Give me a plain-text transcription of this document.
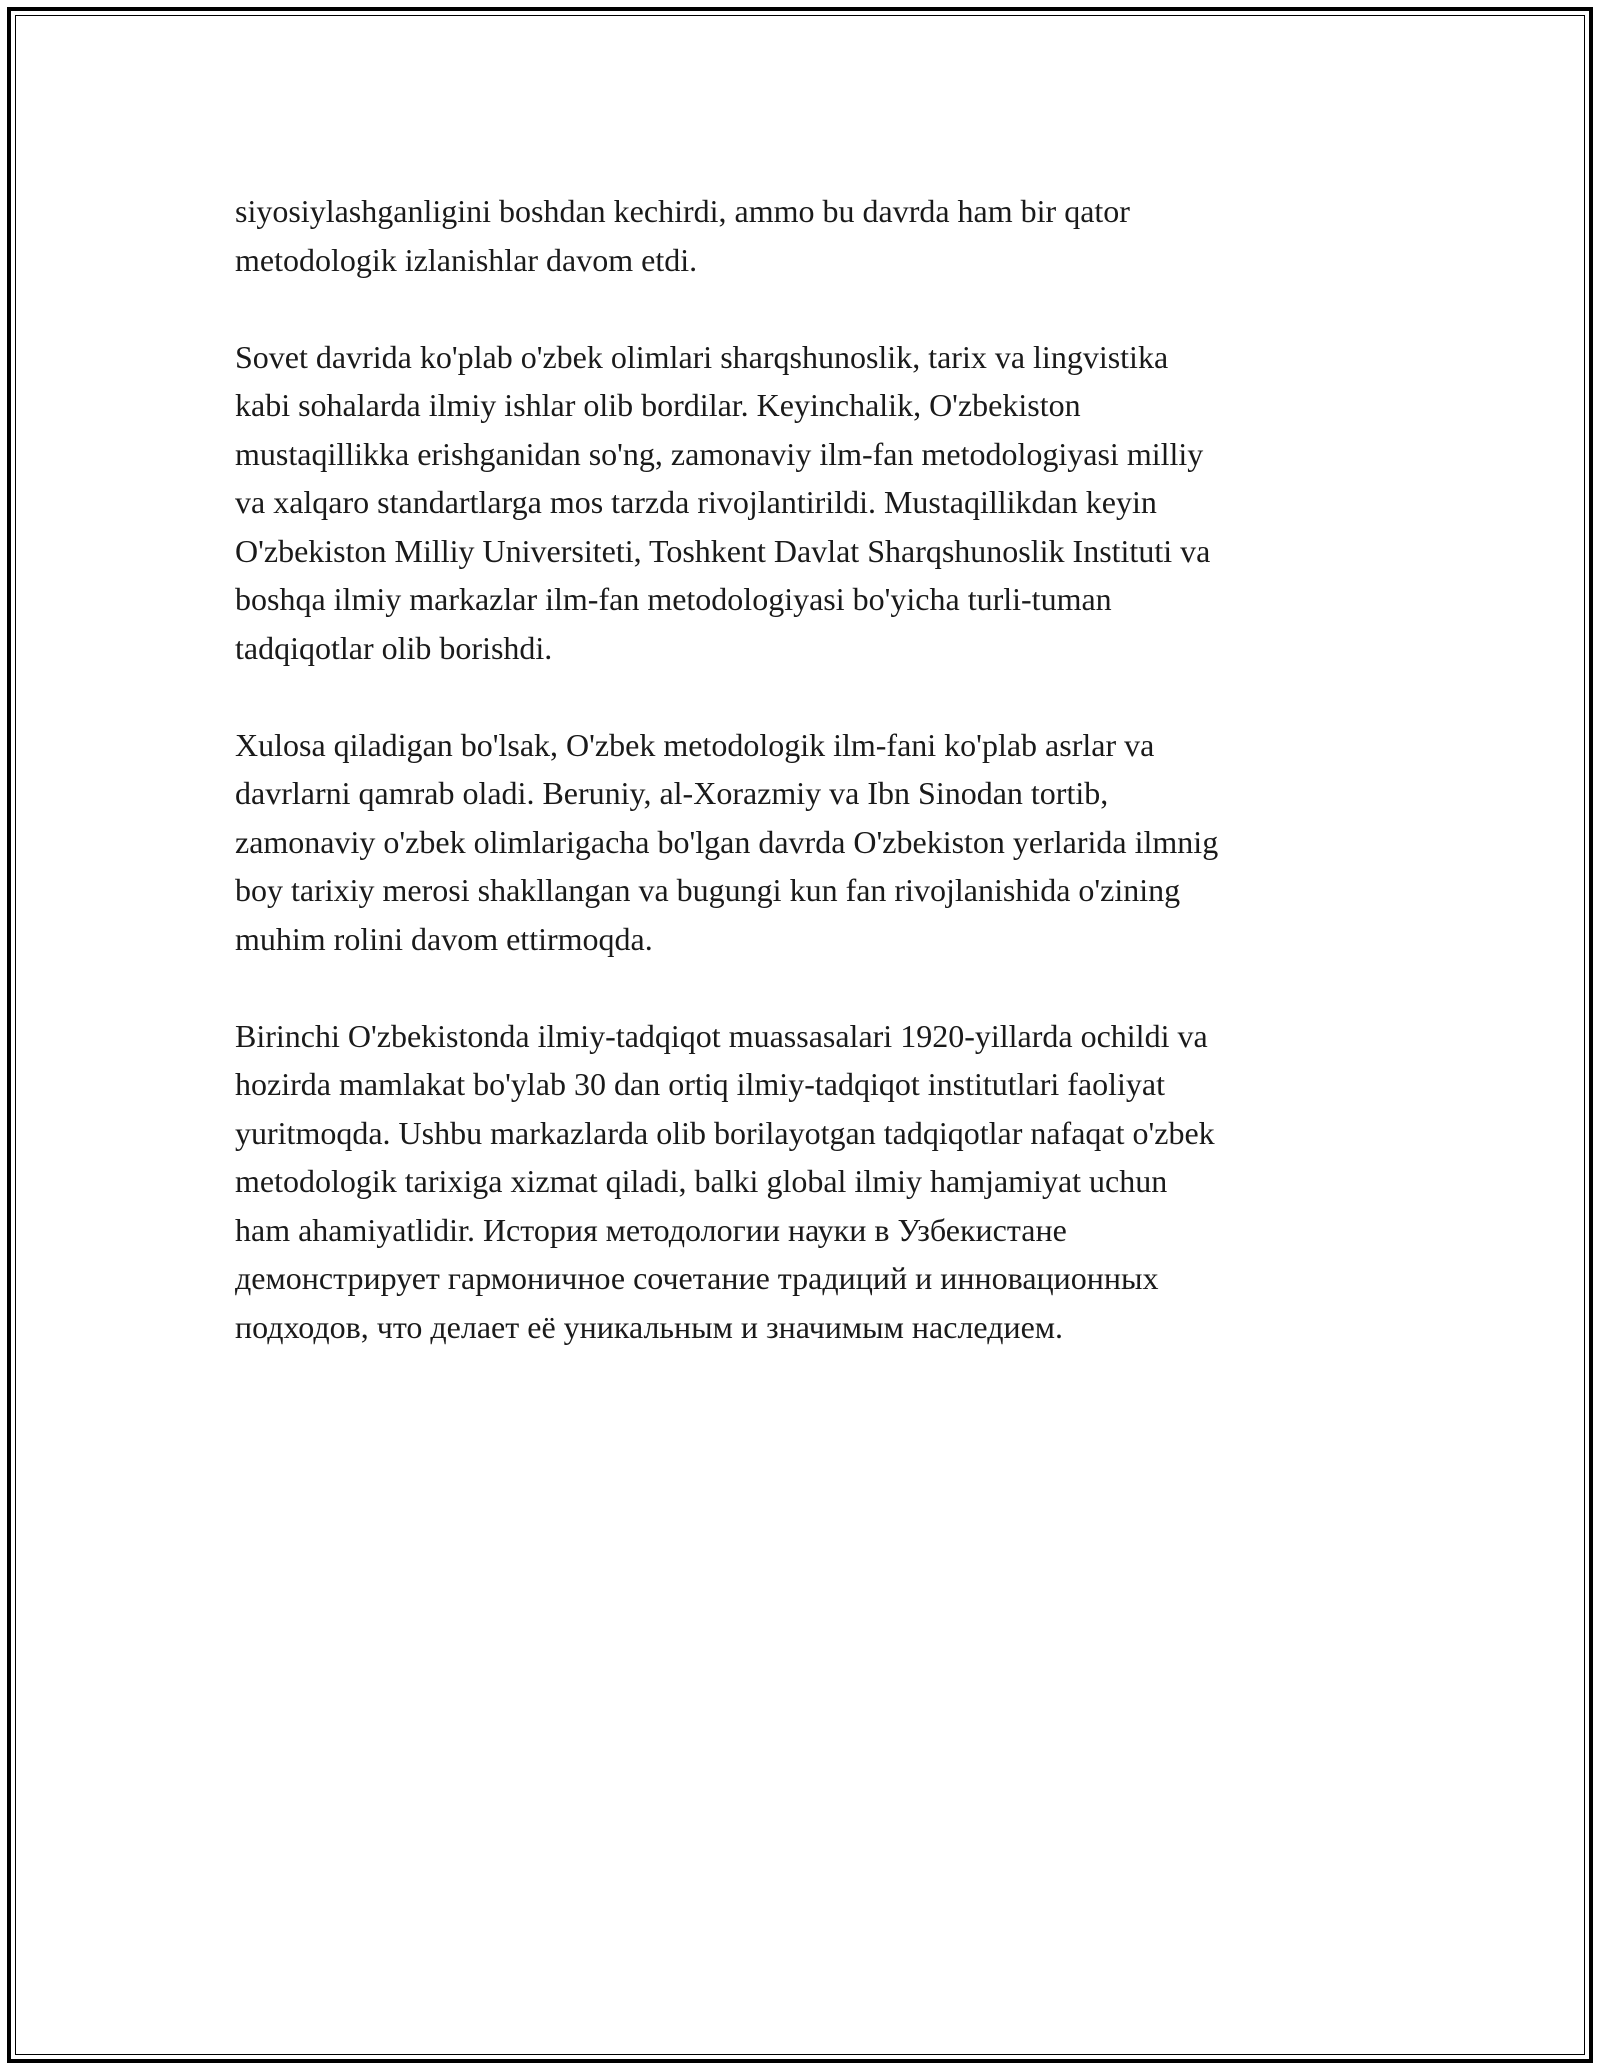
siyosiylashganligini boshdan kechirdi, ammo bu davrda ham bir qator
metodologik izlanishlar davom etdi.

Sovet davrida ko'plab o'zbek olimlari sharqshunoslik, tarix va lingvistika
kabi sohalarda ilmiy ishlar olib bordilar. Keyinchalik, O'zbekiston
mustaqillikka erishganidan so'ng, zamonaviy ilm-fan metodologiyasi milliy
va xalqaro standartlarga mos tarzda rivojlantirildi. Mustaqillikdan keyin
O'zbekiston Milliy Universiteti, Toshkent Davlat Sharqshunoslik Instituti va
boshqa ilmiy markazlar ilm-fan metodologiyasi bo'yicha turli-tuman
tadqiqotlar olib borishdi.

Xulosa qiladigan bo'lsak, O'zbek metodologik ilm-fani ko'plab asrlar va
davrlarni qamrab oladi. Beruniy, al-Xorazmiy va Ibn Sinodan tortib,
zamonaviy o'zbek olimlarigacha bo'lgan davrda O'zbekiston yerlarida ilmnig
boy tarixiy merosi shakllangan va bugungi kun fan rivojlanishida o'zining
muhim rolini davom ettirmoqda.

Birinchi O'zbekistonda ilmiy-tadqiqot muassasalari 1920-yillarda ochildi va
hozirda mamlakat bo'ylab 30 dan ortiq ilmiy-tadqiqot institutlari faoliyat
yuritmoqda. Ushbu markazlarda olib borilayotgan tadqiqotlar nafaqat o'zbek
metodologik tarixiga xizmat qiladi, balki global ilmiy hamjamiyat uchun
ham ahamiyatlidir. История методологии науки в Узбекистане
демонстрирует гармоничное сочетание традиций и инновационных
подходов, что делает её уникальным и значимым наследием.
